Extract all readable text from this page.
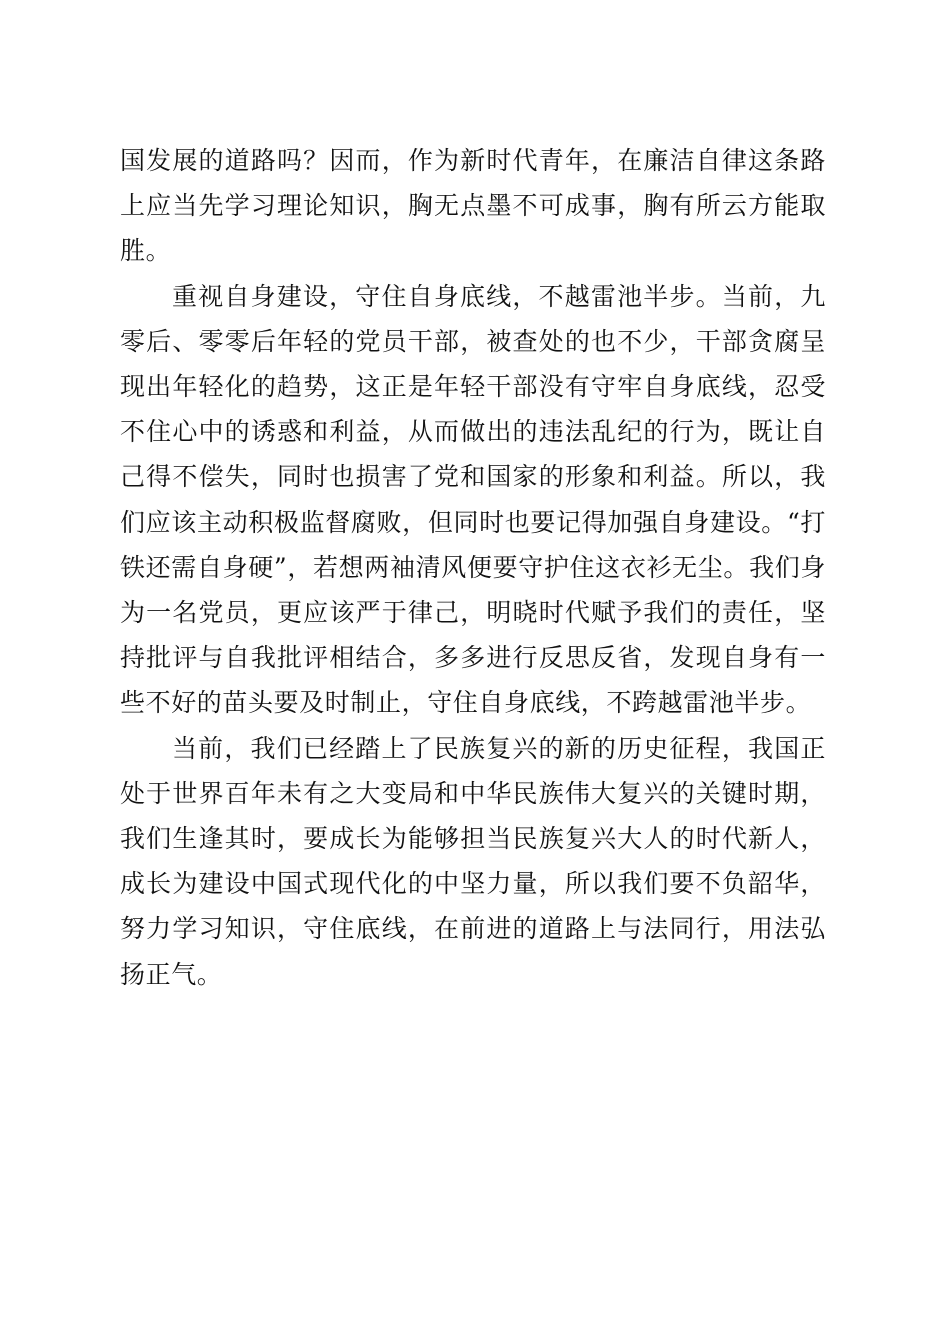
国发展的道路吗？因而，作为新时代青年，在廉洁自律这条路上应当先学习理论知识，胸无点墨不可成事，胸有所云方能取胜。

重视自身建设，守住自身底线，不越雷池半步。当前，九零后、零零后年轻的党员干部，被查处的也不少，干部贪腐呈现出年轻化的趋势，这正是年轻干部没有守牢自身底线，忍受不住心中的诱惑和利益，从而做出的违法乱纪的行为，既让自己得不偿失，同时也损害了党和国家的形象和利益。所以，我们应该主动积极监督腐败，但同时也要记得加强自身建设。“打铁还需自身硬”，若想两袖清风便要守护住这衣衫无尘。我们身为一名党员，更应该严于律己，明晓时代赋予我们的责任，坚持批评与自我批评相结合，多多进行反思反省，发现自身有一些不好的苗头要及时制止，守住自身底线，不跨越雷池半步。

当前，我们已经踏上了民族复兴的新的历史征程，我国正处于世界百年未有之大变局和中华民族伟大复兴的关键时期，我们生逢其时，要成长为能够担当民族复兴大人的时代新人，成长为建设中国式现代化的中坚力量，所以我们要不负韶华，努力学习知识，守住底线，在前进的道路上与法同行，用法弘扬正气。
